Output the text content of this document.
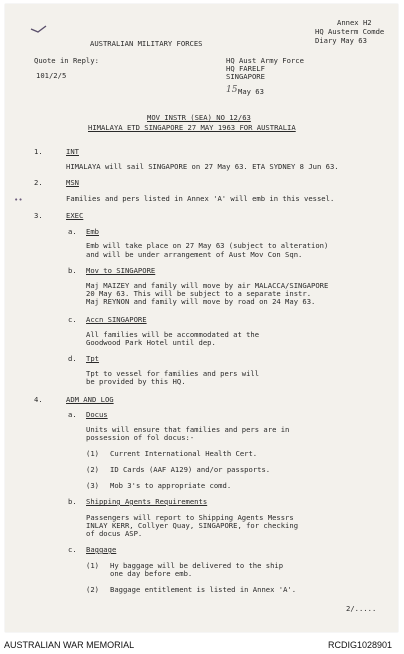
Annex H2
HQ Austerm Comde
Diary May 63
AUSTRALIAN MILITARY FORCES
Quote in Reply:
101/2/5
HQ Aust Army Force
HQ FARELF
SINGAPORE
15 May 63
MOV INSTR (SEA) NO 12/63
HIMALAYA ETD SINGAPORE 27 MAY 1963 FOR AUSTRALIA
1.	INT
HIMALAYA will sail SINGAPORE on 27 May 63. ETA SYDNEY 8 Jun 63.
2.	MSN
••	Families and pers listed in Annex 'A' will emb in this vessel.
3.	EXEC
a. Emb
Emb will take place on 27 May 63 (subject to alteration)
and will be under arrangement of Aust Mov Con Sqn.
b. Mov to SINGAPORE
Maj MAIZEY and family will move by air MALACCA/SINGAPORE
20 May 63. This will be subject to a separate instr.
Maj REYNON and family will move by road on 24 May 63.
c. Accn SINGAPORE
All families will be accommodated at the
Goodwood Park Hotel until dep.
d. Tpt
Tpt to vessel for families and pers will
be provided by this HQ.
4.	ADM AND LOG
a. Docus
Units will ensure that families and pers are in
possession of fol docus:-
(1) Current International Health Cert.
(2) ID Cards (AAF A129) and/or passports.
(3) Mob 3's to appropriate comd.
b. Shipping Agents Requirements
Passengers will report to Shipping Agents Messrs
INLAY KERR, Collyer Quay, SINGAPORE, for checking
of docus ASP.
c. Baggage
(1) Hy baggage will be delivered to the ship
one day before emb.
(2) Baggage entitlement is listed in Annex 'A'.
2/.....
AUSTRALIAN WAR MEMORIAL	RCDIG1028901
